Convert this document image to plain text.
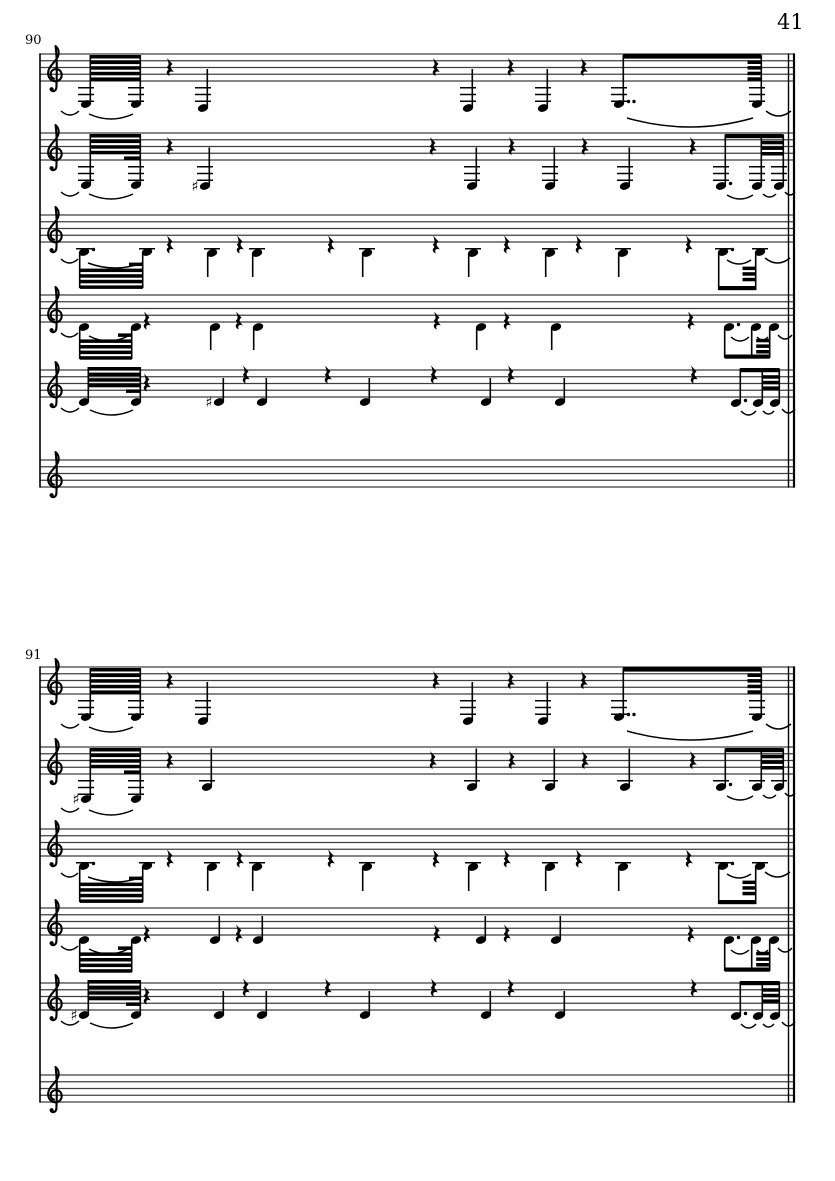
41
90
91
♯
♯
♯
♯
